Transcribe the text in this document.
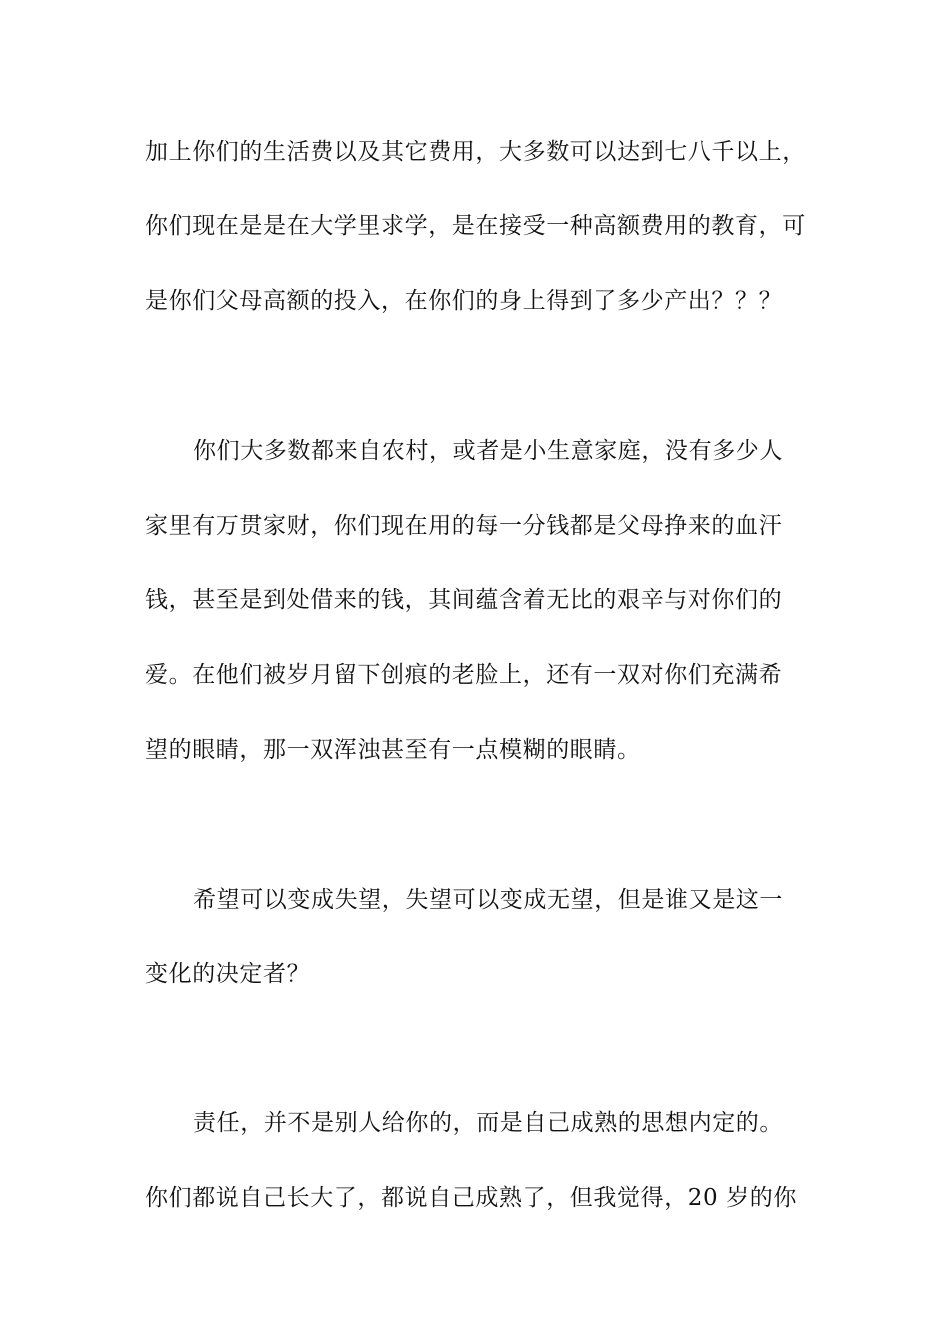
加上你们的生活费以及其它费用，大多数可以达到七八千以上，
你们现在是是在大学里求学，是在接受一种高额费用的教育，可
是你们父母高额的投入，在你们的身上得到了多少产出？？？
你们大多数都来自农村，或者是小生意家庭，没有多少人
家里有万贯家财，你们现在用的每一分钱都是父母挣来的血汗
钱，甚至是到处借来的钱，其间蕴含着无比的艰辛与对你们的
爱。在他们被岁月留下创痕的老脸上，还有一双对你们充满希
望的眼睛，那一双浑浊甚至有一点模糊的眼睛。
希望可以变成失望，失望可以变成无望，但是谁又是这一
变化的决定者？
责任，并不是别人给你的，而是自己成熟的思想内定的。
你们都说自己长大了，都说自己成熟了，但我觉得，20 岁的你
